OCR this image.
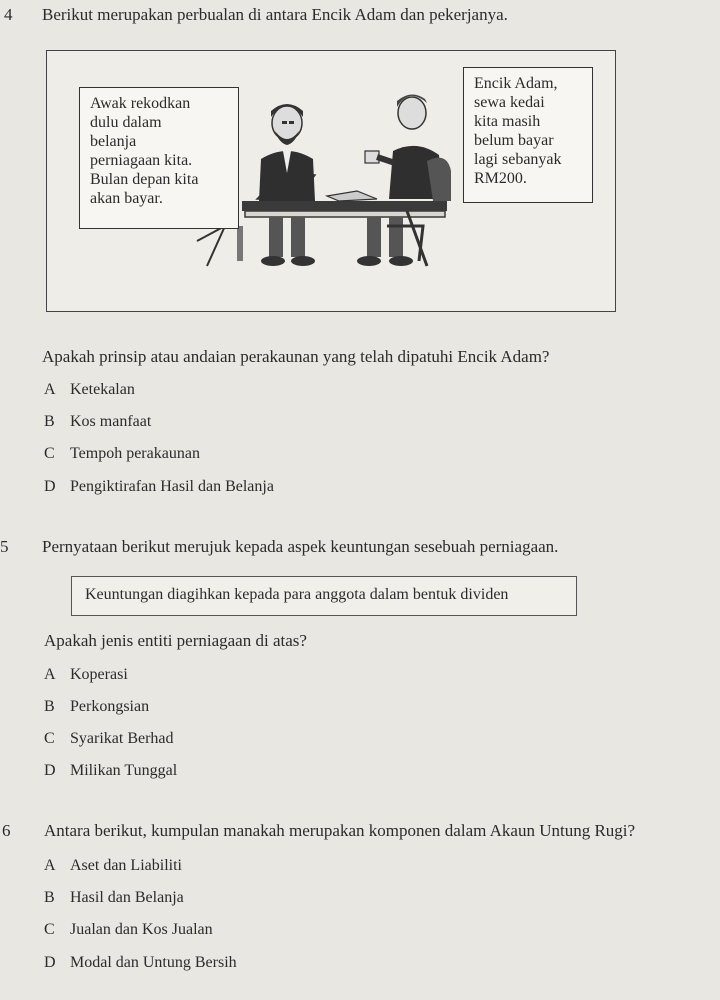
4 Berikut merupakan perbualan di antara Encik Adam dan pekerjanya.
Awak rekodkan
dulu dalam
belanja
perniagaan kita.
Bulan depan kita
akan bayar.
Encik Adam,
sewa kedai
kita masih
belum bayar
lagi sebanyak
RM200.
Apakah prinsip atau andaian perakaunan yang telah dipatuhi Encik Adam?
A Ketekalan
B Kos manfaat
C Tempoh perakaunan
D Pengiktirafan Hasil dan Belanja
5 Pernyataan berikut merujuk kepada aspek keuntungan sesebuah perniagaan.
Keuntungan diagihkan kepada para anggota dalam bentuk dividen
Apakah jenis entiti perniagaan di atas?
A Koperasi
B Perkongsian
C Syarikat Berhad
D Milikan Tunggal
6 Antara berikut, kumpulan manakah merupakan komponen dalam Akaun Untung Rugi?
A Aset dan Liabiliti
B Hasil dan Belanja
C Jualan dan Kos Jualan
D Modal dan Untung Bersih
